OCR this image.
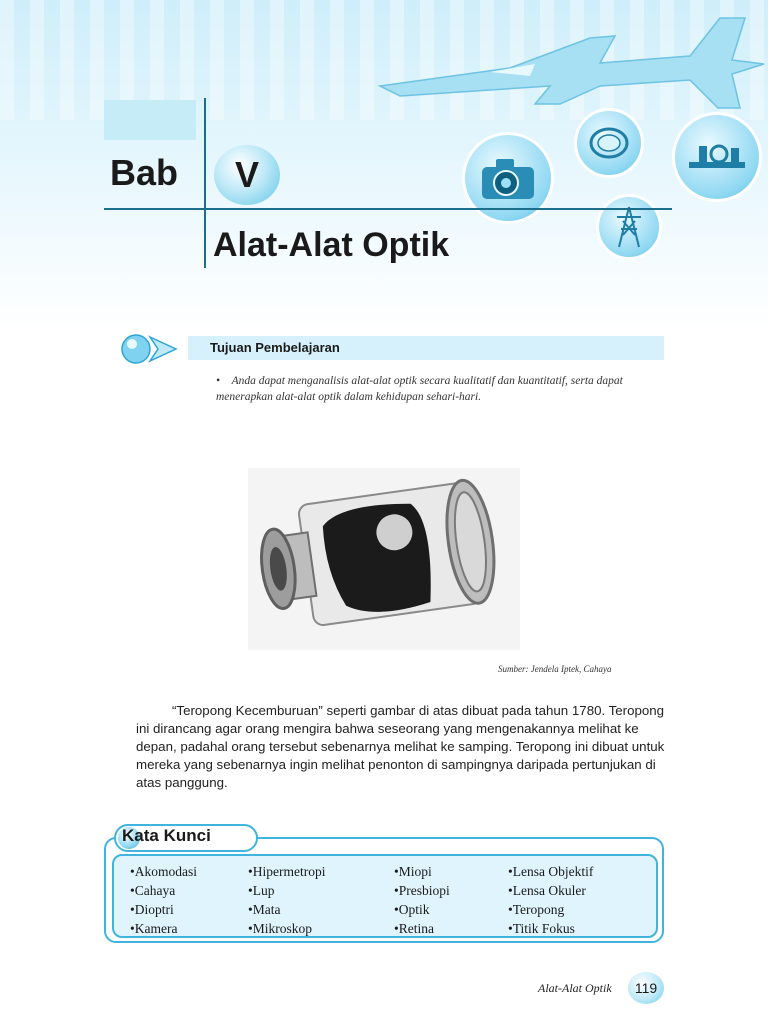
Bab	V
Alat-Alat Optik
Tujuan Pembelajaran
• Anda dapat menganalisis alat-alat optik secara kualitatif dan kuantitatif, serta dapat menerapkan alat-alat optik dalam kehidupan sehari-hari.
Sumber: Jendela Iptek, Cahaya
“Teropong Kecemburuan” seperti gambar di atas dibuat pada tahun 1780. Teropong ini dirancang agar orang mengira bahwa seseorang yang mengenakannya melihat ke depan, padahal orang tersebut sebenarnya melihat ke samping. Teropong ini dibuat untuk mereka yang sebenarnya ingin melihat penonton di sampingnya daripada pertunjukan di atas panggung.
Kata Kunci
•Akomodasi
•Cahaya
•Dioptri
•Kamera
•Hipermetropi
•Lup
•Mata
•Mikroskop
•Miopi
•Presbiopi
•Optik
•Retina
•Lensa Objektif
•Lensa Okuler
•Teropong
•Titik Fokus
Alat-Alat Optik	119
